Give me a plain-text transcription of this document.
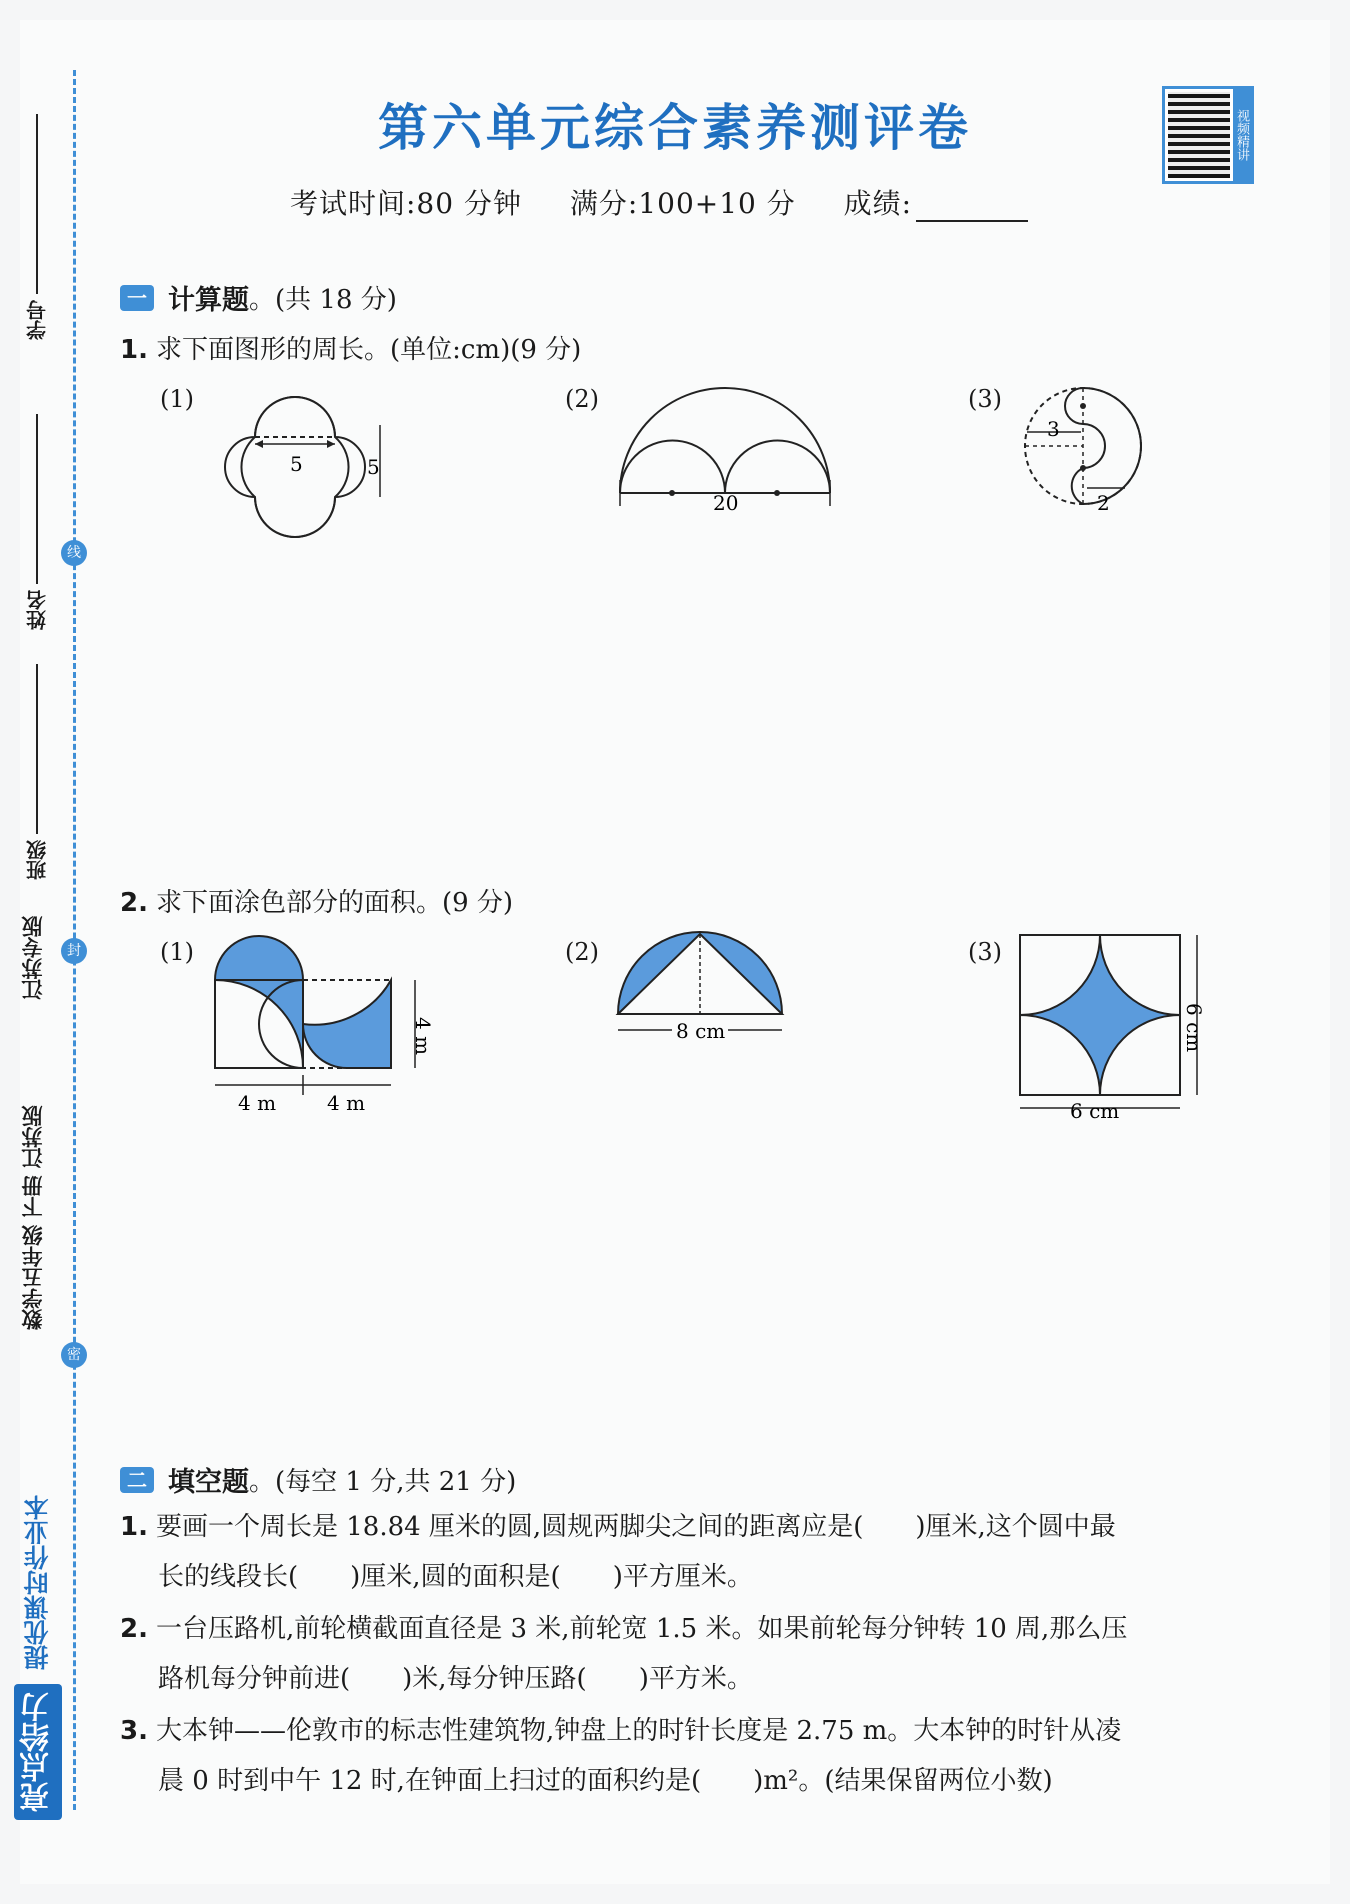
学号
线
姓名
班级
江苏专版	封
数学五年级 下册 江苏版
密
亮点给力
提优课时作业本
第六单元综合素养测评卷	视频精讲
考试时间:80 分钟 满分:100+10 分 成绩:
一 计算题 。(共 18 分)
1. 求下面图形的周长。(单位:cm)(9 分)
(1)	(2)	(3)
5	5
20
3
2
2. 求下面涂色部分的面积。(9 分)
(1)	(2)	(3)
4 m
4 m	4 m
8 cm	6 cm
6 cm
二 填空题 。(每空 1 分,共 21 分)
1. 要画一个周长是 18.84 厘米的圆,圆规两脚尖之间的距离应是(　　)厘米,这个圆中最
长的线段长(　　)厘米,圆的面积是(　　)平方厘米。
2. 一台压路机,前轮横截面直径是 3 米,前轮宽 1.5 米。如果前轮每分钟转 10 周,那么压
路机每分钟前进(　　)米,每分钟压路(　　)平方米。
3. 大本钟——伦敦市的标志性建筑物,钟盘上的时针长度是 2.75 m。大本钟的时针从凌
晨 0 时到中午 12 时,在钟面上扫过的面积约是(　　)m²。(结果保留两位小数)
